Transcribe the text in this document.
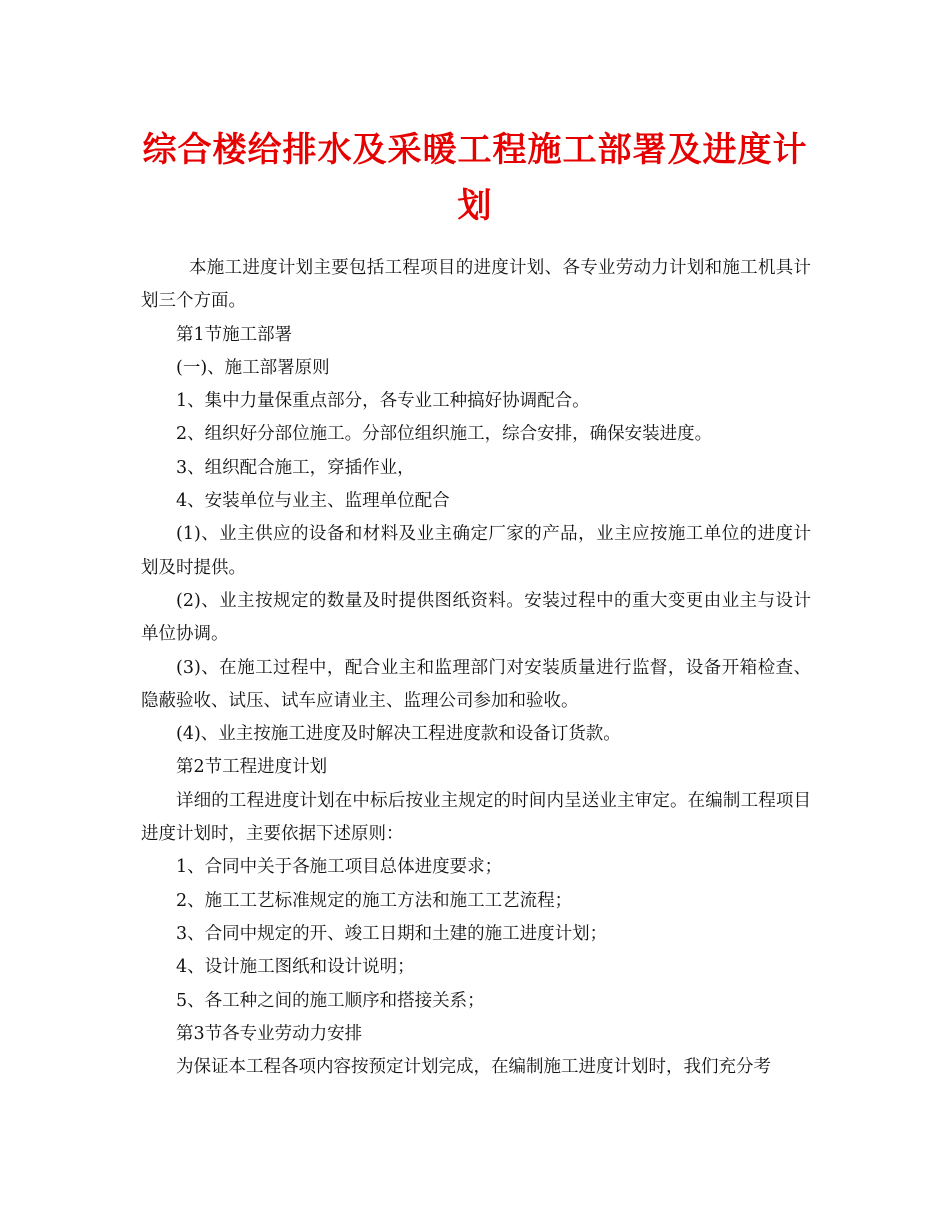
综合楼给排水及采暖工程施工部署及进度计划

本施工进度计划主要包括工程项目的进度计划、各专业劳动力计划和施工机具计划三个方面。

第1节施工部署

(一)、施工部署原则

1、集中力量保重点部分，各专业工种搞好协调配合。

2、组织好分部位施工。分部位组织施工，综合安排，确保安装进度。

3、组织配合施工，穿插作业，

4、安装单位与业主、监理单位配合

(1)、业主供应的设备和材料及业主确定厂家的产品，业主应按施工单位的进度计划及时提供。

(2)、业主按规定的数量及时提供图纸资料。安装过程中的重大变更由业主与设计单位协调。

(3)、在施工过程中，配合业主和监理部门对安装质量进行监督，设备开箱检查、隐蔽验收、试压、试车应请业主、监理公司参加和验收。

(4)、业主按施工进度及时解决工程进度款和设备订货款。

第2节工程进度计划

详细的工程进度计划在中标后按业主规定的时间内呈送业主审定。在编制工程项目进度计划时，主要依据下述原则：

1、合同中关于各施工项目总体进度要求；

2、施工工艺标准规定的施工方法和施工工艺流程；

3、合同中规定的开、竣工日期和土建的施工进度计划；

4、设计施工图纸和设计说明；

5、各工种之间的施工顺序和搭接关系；

第3节各专业劳动力安排

为保证本工程各项内容按预定计划完成，在编制施工进度计划时，我们充分考
